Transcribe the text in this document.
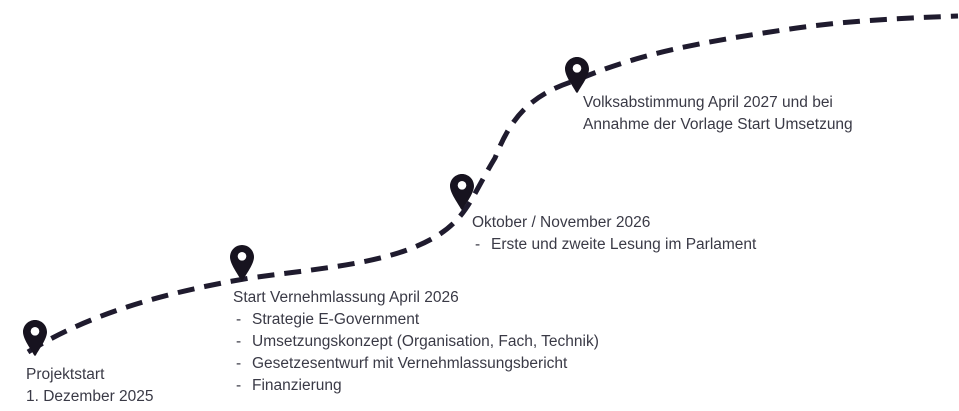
Projektstart
1. Dezember 2025
Start Vernehmlassung April 2026
- Strategie E-Government
- Umsetzungskonzept (Organisation, Fach, Technik)
- Gesetzesentwurf mit Vernehmlassungsbericht
- Finanzierung
Oktober / November 2026
- Erste und zweite Lesung im Parlament
Volksabstimmung April 2027 und bei
Annahme der Vorlage Start Umsetzung
